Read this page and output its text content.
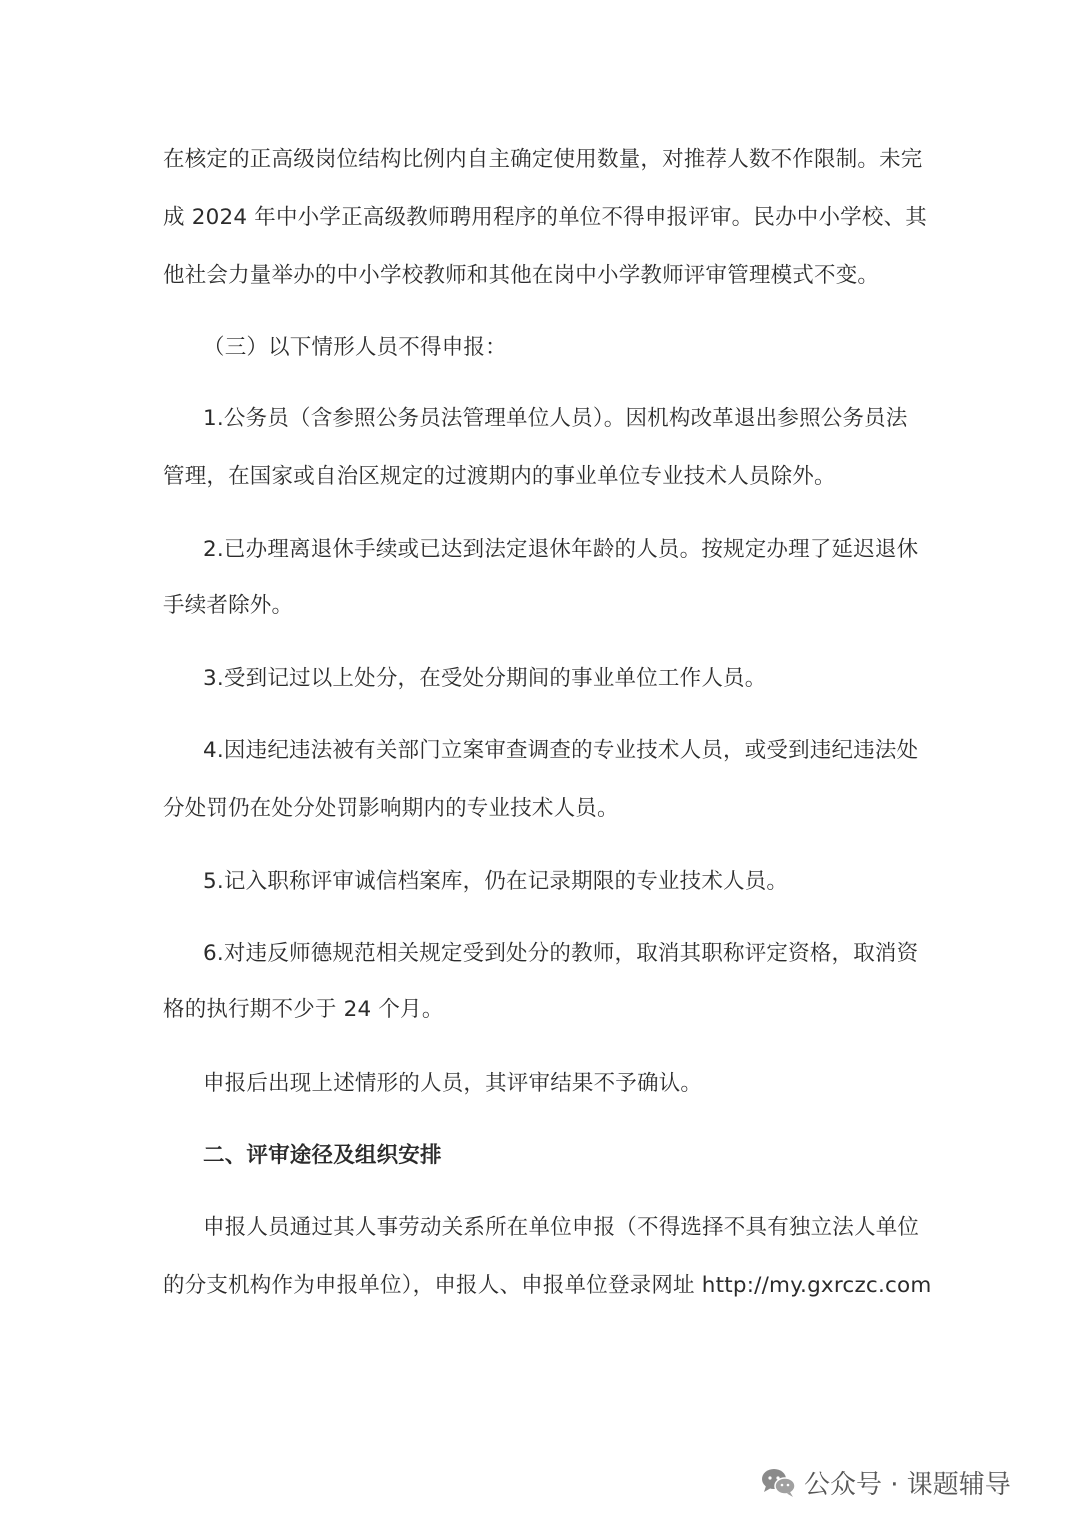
在核定的正高级岗位结构比例内自主确定使用数量，对推荐人数不作限制。未完
成 2024 年中小学正高级教师聘用程序的单位不得申报评审。民办中小学校、其
他社会力量举办的中小学校教师和其他在岗中小学教师评审管理模式不变。
（三）以下情形人员不得申报：
1.公务员（含参照公务员法管理单位人员）。因机构改革退出参照公务员法
管理，在国家或自治区规定的过渡期内的事业单位专业技术人员除外。
2.已办理离退休手续或已达到法定退休年龄的人员。按规定办理了延迟退休
手续者除外。
3.受到记过以上处分，在受处分期间的事业单位工作人员。
4.因违纪违法被有关部门立案审查调查的专业技术人员，或受到违纪违法处
分处罚仍在处分处罚影响期内的专业技术人员。
5.记入职称评审诚信档案库，仍在记录期限的专业技术人员。
6.对违反师德规范相关规定受到处分的教师，取消其职称评定资格，取消资
格的执行期不少于 24 个月。
申报后出现上述情形的人员，其评审结果不予确认。
二、评审途径及组织安排
申报人员通过其人事劳动关系所在单位申报（不得选择不具有独立法人单位
的分支机构作为申报单位），申报人、申报单位登录网址 http://my.gxrczc.com
公众号 · 课题辅导
